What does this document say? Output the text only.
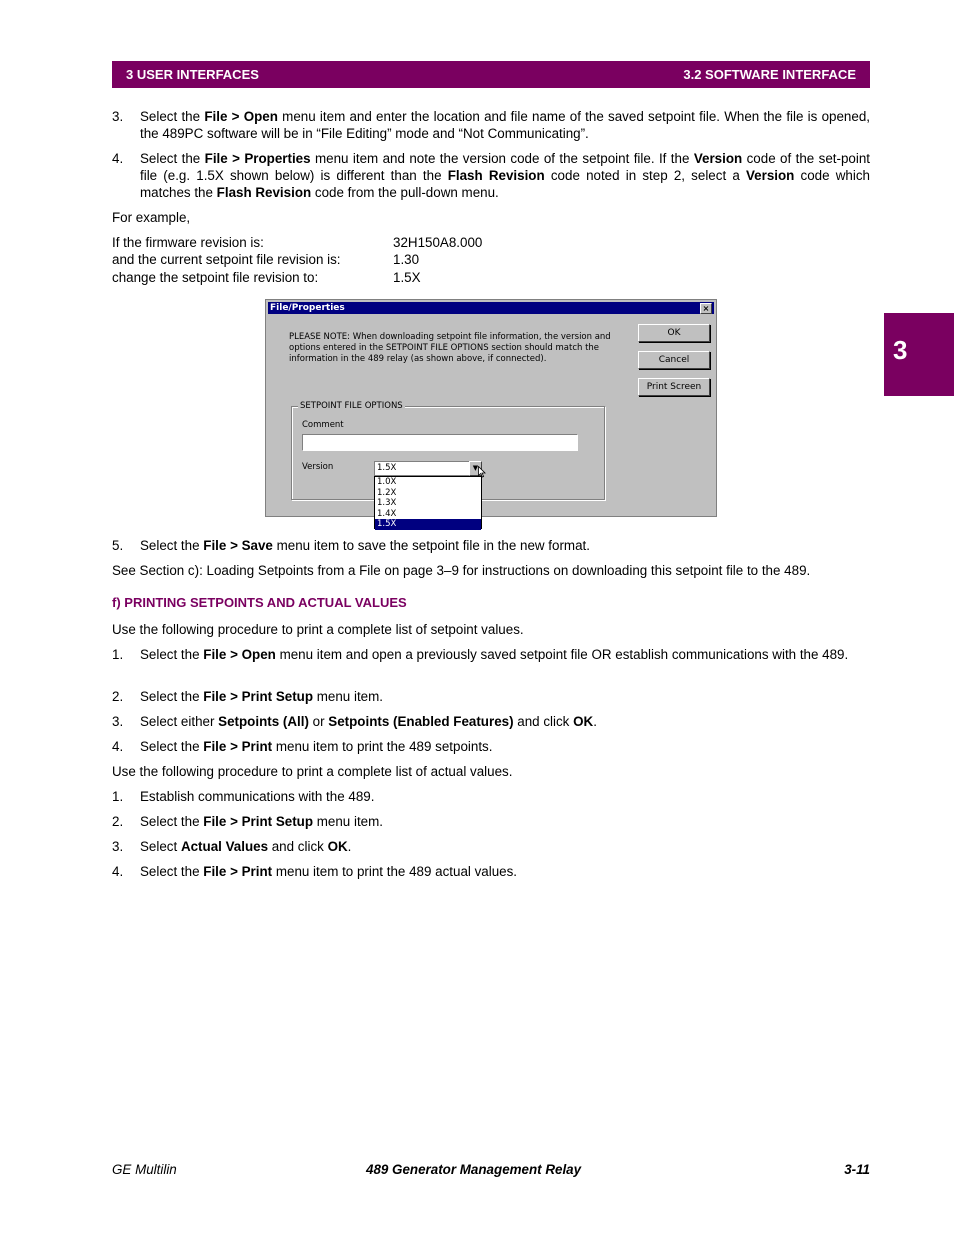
3 USER INTERFACES	3.2 SOFTWARE INTERFACE
3
3. Select the File > Open menu item and enter the location and file name of the saved setpoint file. When the file is opened, the 489PC software will be in “File Editing” mode and “Not Communicating”.
4. Select the File > Properties menu item and note the version code of the setpoint file. If the Version code of the set-point file (e.g. 1.5X shown below) is different than the Flash Revision code noted in step 2, select a Version code which matches the Flash Revision code from the pull-down menu.
For example,
If the firmware revision is:	32H150A8.000
and the current setpoint file revision is:	1.30
change the setpoint file revision to:	1.5X
File/Properties	×
PLEASE NOTE: When downloading setpoint file information, the version and options entered in the SETPOINT FILE OPTIONS section should match the information in the 489 relay (as shown above, if connected).
OK
Cancel
Print Screen
SETPOINT FILE OPTIONS
Comment
Version	1.5X	▼
1.0X
1.2X
1.3X
1.4X
1.5X
5. Select the File > Save menu item to save the setpoint file in the new format.
See Section c): Loading Setpoints from a File on page 3–9 for instructions on downloading this setpoint file to the 489.
f) PRINTING SETPOINTS AND ACTUAL VALUES
Use the following procedure to print a complete list of setpoint values.
1. Select the File > Open menu item and open a previously saved setpoint file OR establish communications with the 489.
2. Select the File > Print Setup menu item.
3. Select either Setpoints (All) or Setpoints (Enabled Features) and click OK.
4. Select the File > Print menu item to print the 489 setpoints.
Use the following procedure to print a complete list of actual values.
1. Establish communications with the 489.
2. Select the File > Print Setup menu item.
3. Select Actual Values and click OK.
4. Select the File > Print menu item to print the 489 actual values.
GE Multilin	489 Generator Management Relay	3-11
